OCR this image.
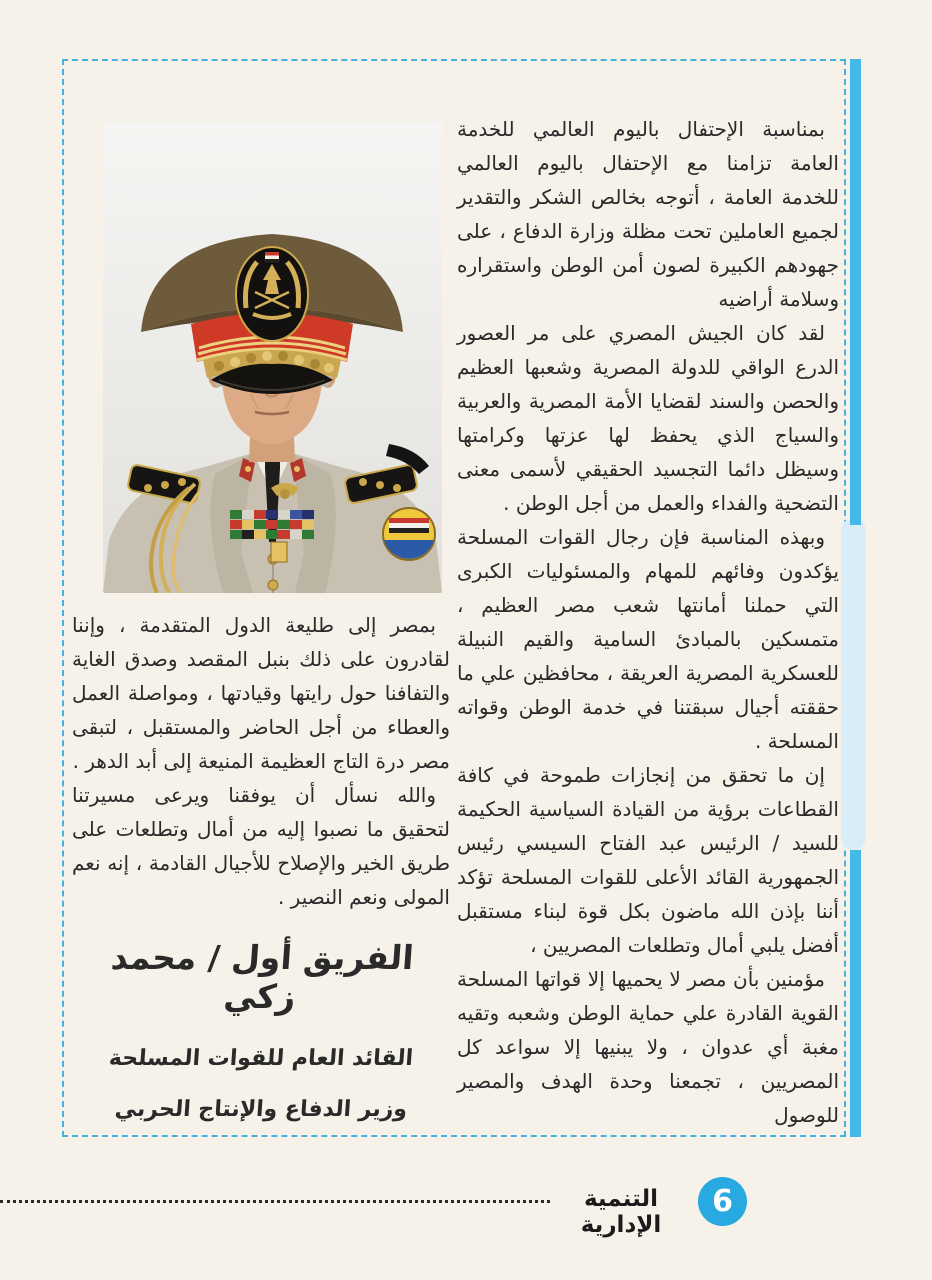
بمناسبة الإحتفال باليوم العالمي للخدمة العامة تزامنا مع الإحتفال باليوم العالمي للخدمة العامة ، أتوجه بخالص الشكر والتقدير لجميع العاملين تحت مظلة وزارة الدفاع ، على جهودهم الكبيرة لصون أمن الوطن واستقراره وسلامة أراضيه

لقد كان الجيش المصري على مر العصور الدرع الواقي للدولة المصرية وشعبها العظيم والحصن والسند لقضايا الأمة المصرية والعربية والسياج الذي يحفظ لها عزتها وكرامتها وسيظل دائما التجسيد الحقيقي لأسمى معنى التضحية والفداء والعمل من أجل الوطن .

وبهذه المناسبة فإن رجال القوات المسلحة يؤكدون وفائهم للمهام والمسئوليات الكبرى التي حملنا أمانتها شعب مصر العظيم ، متمسكين بالمبادئ السامية والقيم النبيلة للعسكرية المصرية العريقة ، محافظين علي ما حققته أجيال سبقتنا في خدمة الوطن وقواته المسلحة .

إن ما تحقق من إنجازات طموحة في كافة القطاعات برؤية من القيادة السياسية الحكيمة للسيد / الرئيس عبد الفتاح السيسي رئيس الجمهورية القائد الأعلى للقوات المسلحة تؤكد أننا بإذن الله ماضون بكل قوة لبناء مستقبل أفضل يلبي أمال وتطلعات المصريين ،

مؤمنين بأن مصر لا يحميها إلا قواتها المسلحة القوية القادرة علي حماية الوطن وشعبه وتقيه مغبة أي عدوان ، ولا يبنيها إلا سواعد كل المصريين ، تجمعنا وحدة الهدف والمصير للوصول

بمصر إلى طليعة الدول المتقدمة ، وإننا لقادرون على ذلك بنبل المقصد وصدق الغاية والتفافنا حول رايتها وقيادتها ، ومواصلة العمل والعطاء من أجل الحاضر والمستقبل ، لتبقى مصر درة التاج العظيمة المنيعة إلى أبد الدهر .

والله نسأل أن يوفقنا ويرعى مسيرتنا لتحقيق ما نصبوا إليه من أمال وتطلعات على طريق الخير والإصلاح للأجيال القادمة ، إنه نعم المولى ونعم النصير .

الفريق أول / محمد زكي
القائد العام للقوات المسلحة
وزير الدفاع والإنتاج الحربي
التنمية الإدارية
6
